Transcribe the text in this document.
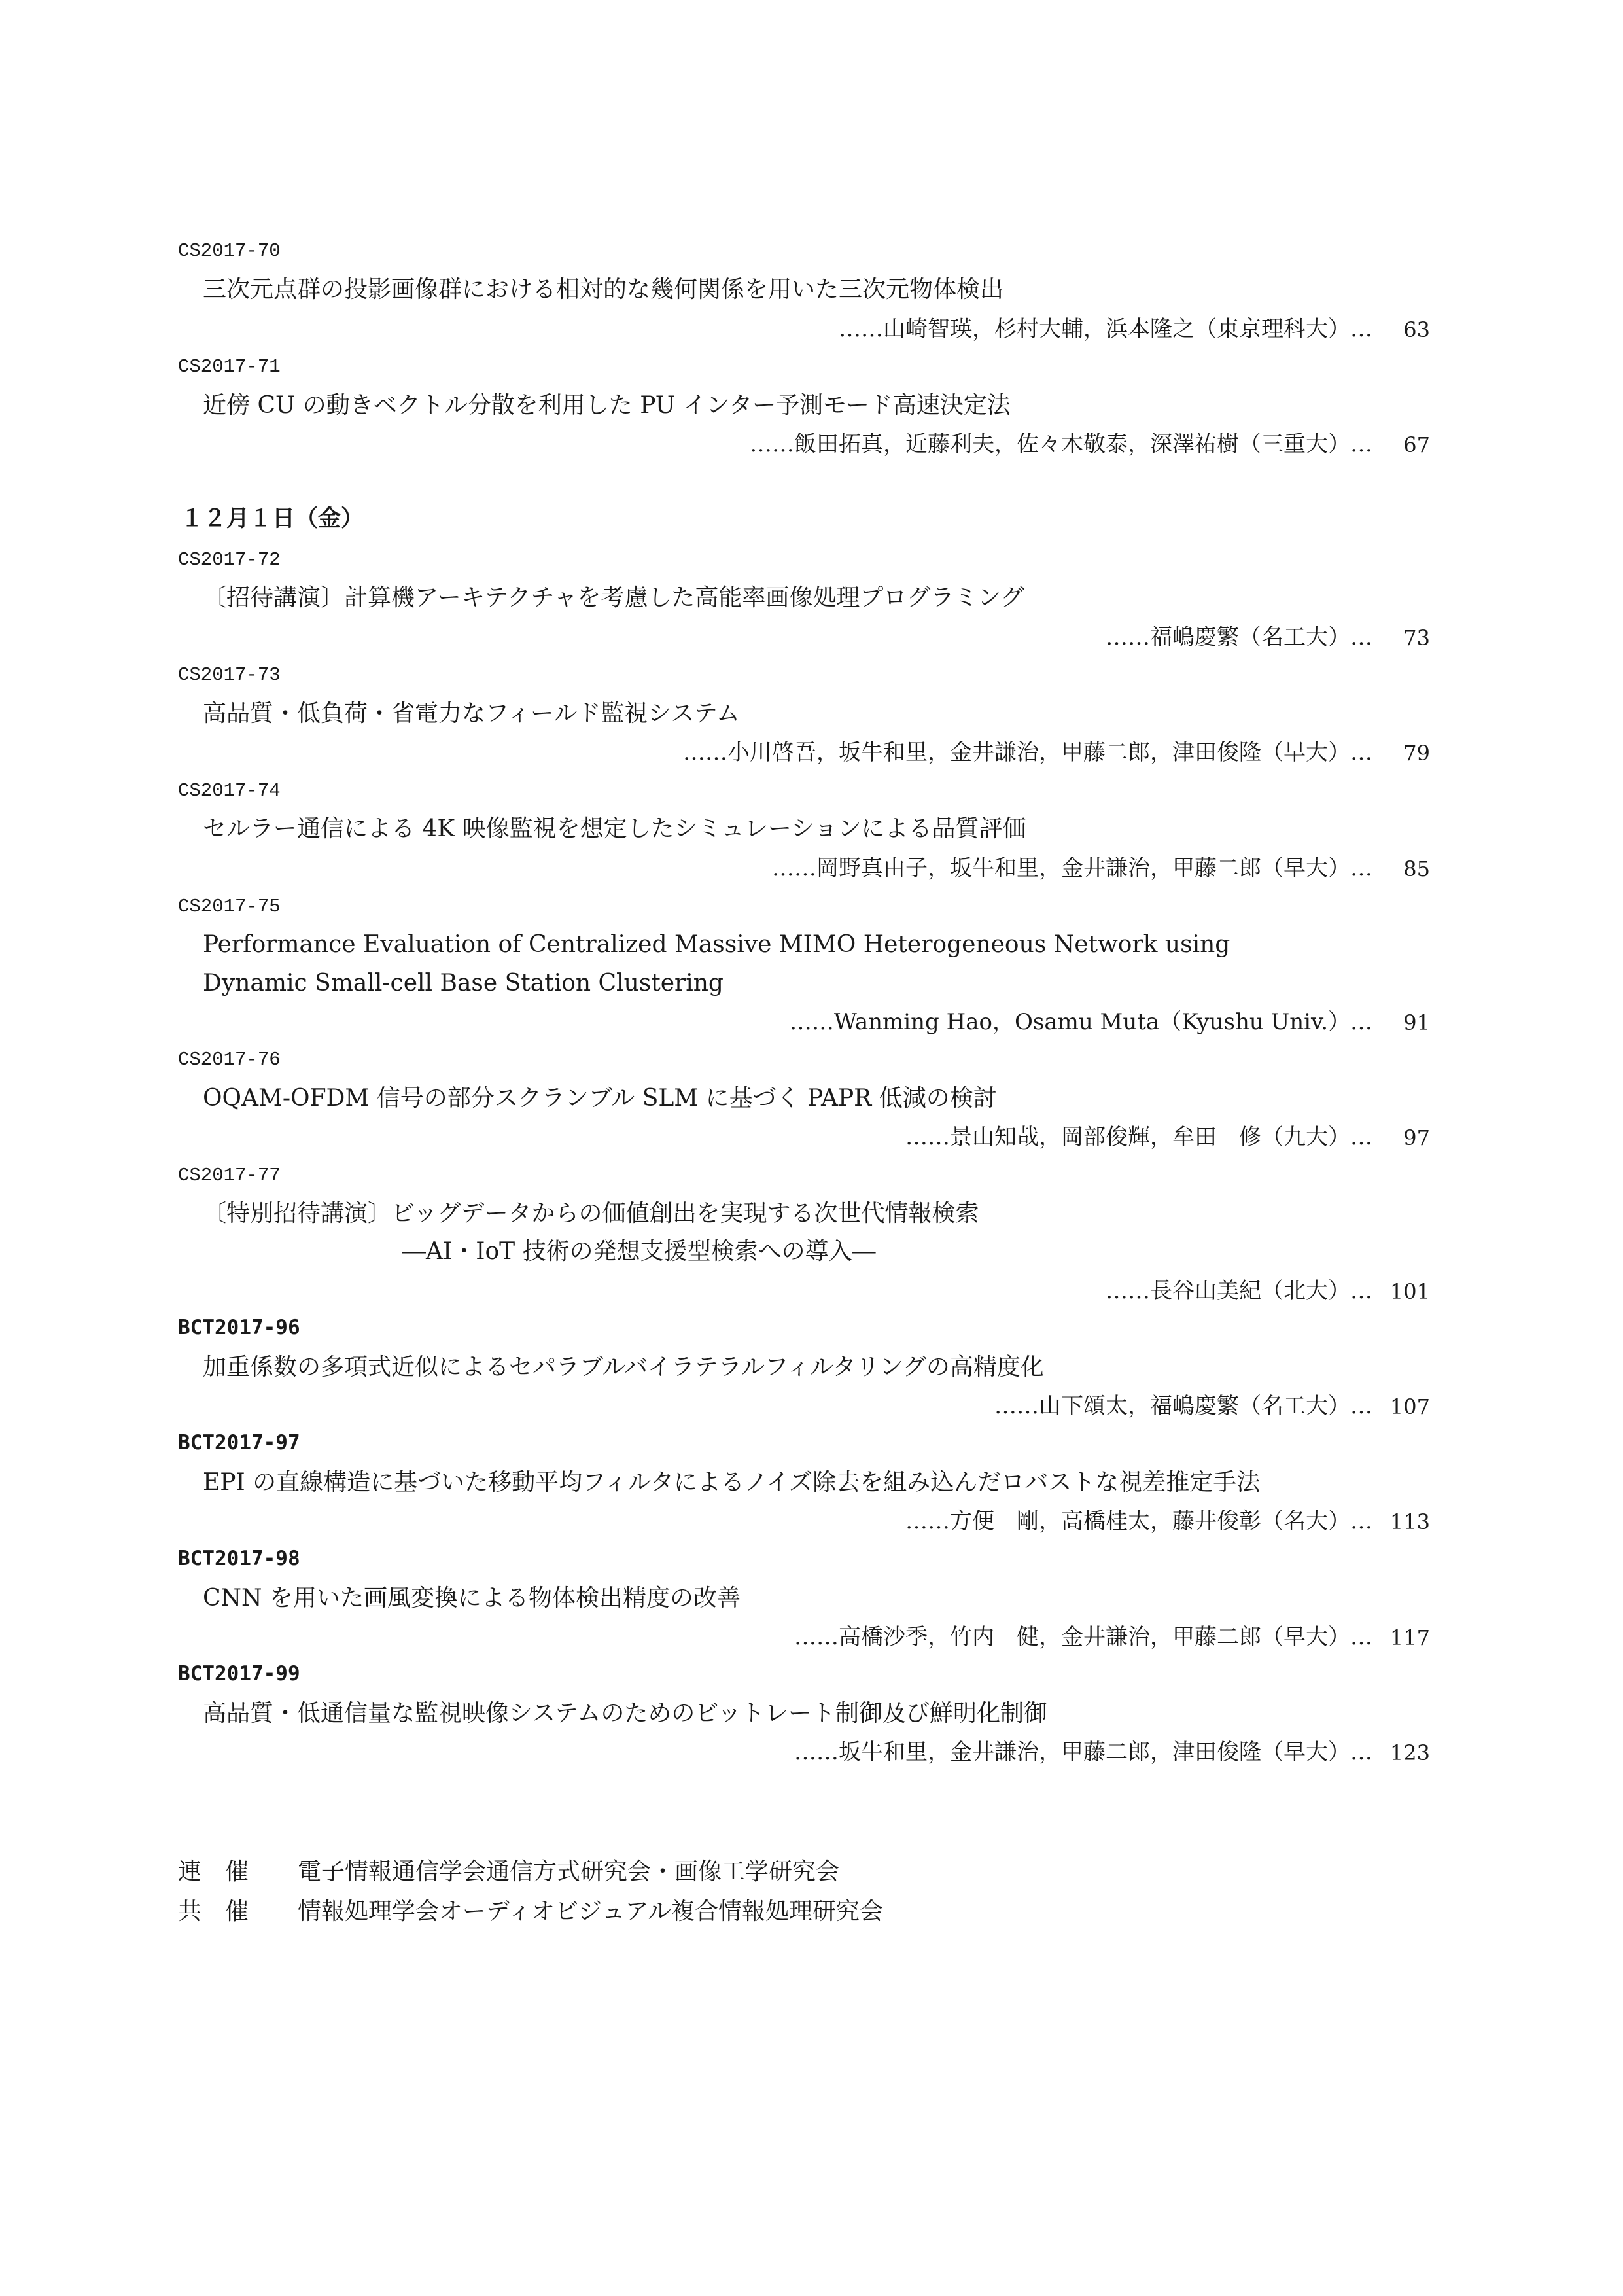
CS2017-70
三次元点群の投影画像群における相対的な幾何関係を用いた三次元物体検出
……山崎智瑛，杉村大輔，浜本隆之（東京理科大）… 63
CS2017-71
近傍 CU の動きベクトル分散を利用した PU インター予測モード高速決定法
……飯田拓真，近藤利夫，佐々木敬泰，深澤祐樹（三重大）… 67
１２月１日（金）
CS2017-72
〔招待講演〕計算機アーキテクチャを考慮した高能率画像処理プログラミング
……福嶋慶繁（名工大）… 73
CS2017-73
高品質・低負荷・省電力なフィールド監視システム
……小川啓吾，坂牛和里，金井謙治，甲藤二郎，津田俊隆（早大）… 79
CS2017-74
セルラー通信による 4K 映像監視を想定したシミュレーションによる品質評価
……岡野真由子，坂牛和里，金井謙治，甲藤二郎（早大）… 85
CS2017-75
Performance Evaluation of Centralized Massive MIMO Heterogeneous Network using
Dynamic Small-cell Base Station Clustering
……Wanming Hao，Osamu Muta（Kyushu Univ.）… 91
CS2017-76
OQAM-OFDM 信号の部分スクランブル SLM に基づく PAPR 低減の検討
……景山知哉，岡部俊輝，牟田　修（九大）… 97
CS2017-77
〔特別招待講演〕ビッグデータからの価値創出を実現する次世代情報検索
―AI・IoT 技術の発想支援型検索への導入―
……長谷山美紀（北大）… 101
BCT2017-96
加重係数の多項式近似によるセパラブルバイラテラルフィルタリングの高精度化
……山下頌太，福嶋慶繁（名工大）… 107
BCT2017-97
EPI の直線構造に基づいた移動平均フィルタによるノイズ除去を組み込んだロバストな視差推定手法
……方便　剛，高橋桂太，藤井俊彰（名大）… 113
BCT2017-98
CNN を用いた画風変換による物体検出精度の改善
……高橋沙季，竹内　健，金井謙治，甲藤二郎（早大）… 117
BCT2017-99
高品質・低通信量な監視映像システムのためのビットレート制御及び鮮明化制御
……坂牛和里，金井謙治，甲藤二郎，津田俊隆（早大）… 123
連　催 電子情報通信学会通信方式研究会・画像工学研究会
共　催 情報処理学会オーディオビジュアル複合情報処理研究会
